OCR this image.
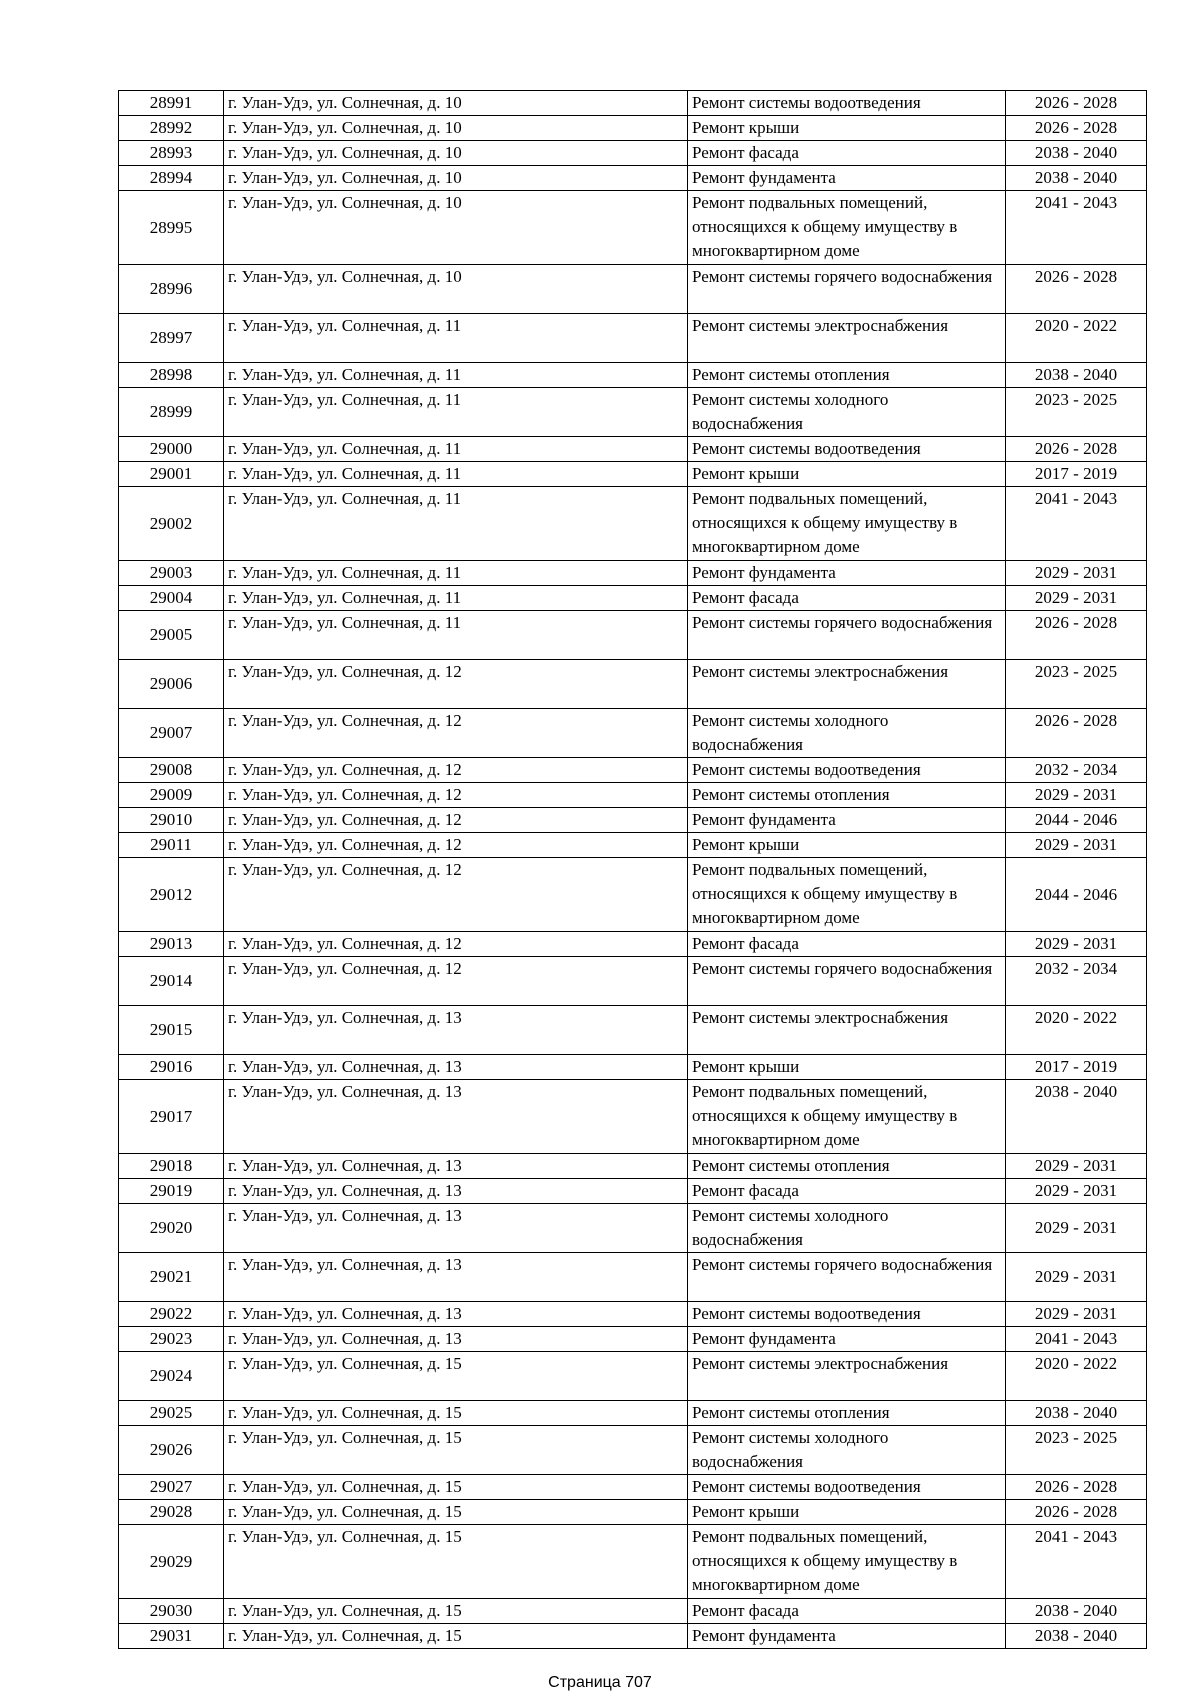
28991	г. Улан-Удэ, ул. Солнечная, д. 10	Ремонт системы водоотведения	2026 - 2028
28992	г. Улан-Удэ, ул. Солнечная, д. 10	Ремонт крыши	2026 - 2028
28993	г. Улан-Удэ, ул. Солнечная, д. 10	Ремонт фасада	2038 - 2040
28994	г. Улан-Удэ, ул. Солнечная, д. 10	Ремонт фундамента	2038 - 2040
28995	г. Улан-Удэ, ул. Солнечная, д. 10	Ремонт подвальных помещений, относящихся к общему имуществу в многоквартирном доме	2041 - 2043
28996	г. Улан-Удэ, ул. Солнечная, д. 10	Ремонт системы горячего водоснабжения	2026 - 2028
28997	г. Улан-Удэ, ул. Солнечная, д. 11	Ремонт системы электроснабжения	2020 - 2022
28998	г. Улан-Удэ, ул. Солнечная, д. 11	Ремонт системы отопления	2038 - 2040
28999	г. Улан-Удэ, ул. Солнечная, д. 11	Ремонт системы холодного водоснабжения	2023 - 2025
29000	г. Улан-Удэ, ул. Солнечная, д. 11	Ремонт системы водоотведения	2026 - 2028
29001	г. Улан-Удэ, ул. Солнечная, д. 11	Ремонт крыши	2017 - 2019
29002	г. Улан-Удэ, ул. Солнечная, д. 11	Ремонт подвальных помещений, относящихся к общему имуществу в многоквартирном доме	2041 - 2043
29003	г. Улан-Удэ, ул. Солнечная, д. 11	Ремонт фундамента	2029 - 2031
29004	г. Улан-Удэ, ул. Солнечная, д. 11	Ремонт фасада	2029 - 2031
29005	г. Улан-Удэ, ул. Солнечная, д. 11	Ремонт системы горячего водоснабжения	2026 - 2028
29006	г. Улан-Удэ, ул. Солнечная, д. 12	Ремонт системы электроснабжения	2023 - 2025
29007	г. Улан-Удэ, ул. Солнечная, д. 12	Ремонт системы холодного водоснабжения	2026 - 2028
29008	г. Улан-Удэ, ул. Солнечная, д. 12	Ремонт системы водоотведения	2032 - 2034
29009	г. Улан-Удэ, ул. Солнечная, д. 12	Ремонт системы отопления	2029 - 2031
29010	г. Улан-Удэ, ул. Солнечная, д. 12	Ремонт фундамента	2044 - 2046
29011	г. Улан-Удэ, ул. Солнечная, д. 12	Ремонт крыши	2029 - 2031
29012	г. Улан-Удэ, ул. Солнечная, д. 12	Ремонт подвальных помещений, относящихся к общему имуществу в многоквартирном доме	2044 - 2046
29013	г. Улан-Удэ, ул. Солнечная, д. 12	Ремонт фасада	2029 - 2031
29014	г. Улан-Удэ, ул. Солнечная, д. 12	Ремонт системы горячего водоснабжения	2032 - 2034
29015	г. Улан-Удэ, ул. Солнечная, д. 13	Ремонт системы электроснабжения	2020 - 2022
29016	г. Улан-Удэ, ул. Солнечная, д. 13	Ремонт крыши	2017 - 2019
29017	г. Улан-Удэ, ул. Солнечная, д. 13	Ремонт подвальных помещений, относящихся к общему имуществу в многоквартирном доме	2038 - 2040
29018	г. Улан-Удэ, ул. Солнечная, д. 13	Ремонт системы отопления	2029 - 2031
29019	г. Улан-Удэ, ул. Солнечная, д. 13	Ремонт фасада	2029 - 2031
29020	г. Улан-Удэ, ул. Солнечная, д. 13	Ремонт системы холодного водоснабжения	2029 - 2031
29021	г. Улан-Удэ, ул. Солнечная, д. 13	Ремонт системы горячего водоснабжения	2029 - 2031
29022	г. Улан-Удэ, ул. Солнечная, д. 13	Ремонт системы водоотведения	2029 - 2031
29023	г. Улан-Удэ, ул. Солнечная, д. 13	Ремонт фундамента	2041 - 2043
29024	г. Улан-Удэ, ул. Солнечная, д. 15	Ремонт системы электроснабжения	2020 - 2022
29025	г. Улан-Удэ, ул. Солнечная, д. 15	Ремонт системы отопления	2038 - 2040
29026	г. Улан-Удэ, ул. Солнечная, д. 15	Ремонт системы холодного водоснабжения	2023 - 2025
29027	г. Улан-Удэ, ул. Солнечная, д. 15	Ремонт системы водоотведения	2026 - 2028
29028	г. Улан-Удэ, ул. Солнечная, д. 15	Ремонт крыши	2026 - 2028
29029	г. Улан-Удэ, ул. Солнечная, д. 15	Ремонт подвальных помещений, относящихся к общему имуществу в многоквартирном доме	2041 - 2043
29030	г. Улан-Удэ, ул. Солнечная, д. 15	Ремонт фасада	2038 - 2040
29031	г. Улан-Удэ, ул. Солнечная, д. 15	Ремонт фундамента	2038 - 2040
Страница 707
